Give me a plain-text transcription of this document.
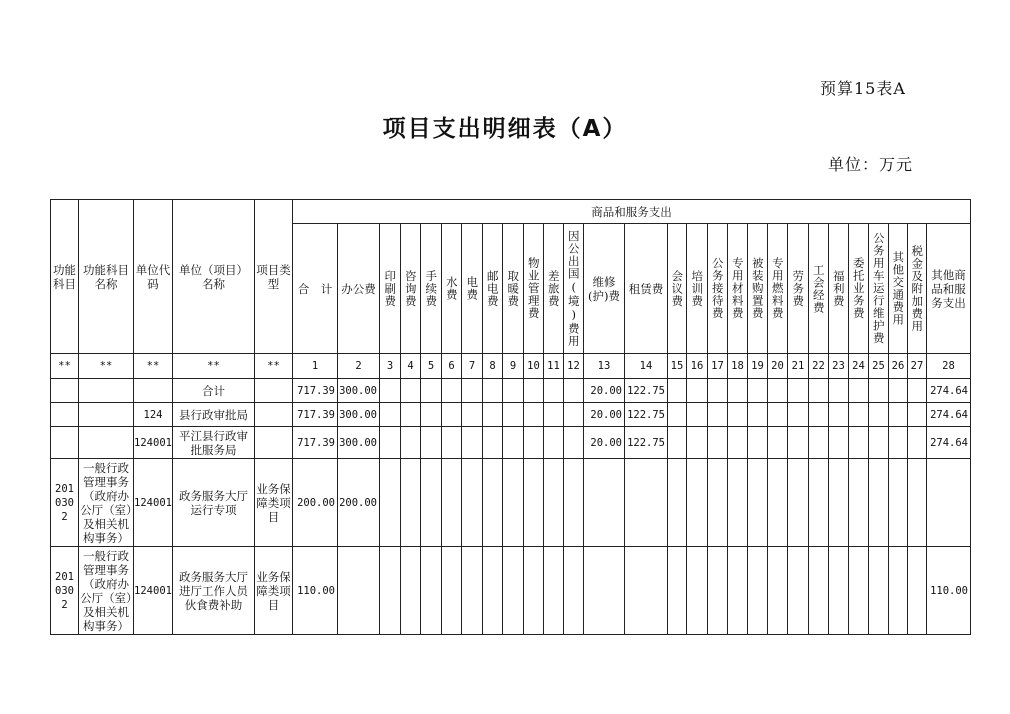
预算15表A
项目支出明细表（A）
单位：万元
功能科目	功能科目名称	单位代码	单位（项目）名称	项目类型	商品和服务支出																											
					合　计	办公费	印刷费	咨询费	手续费	水费	电费	邮电费	取暖费	物业管理费	差旅费	因公出国(境)费用	维修(护)费	租赁费	会议费	培训费	公务接待费	专用材料费	被装购置费	专用燃料费	劳务费	工会经费	福利费	委托业务费	公务用车运行维护费	其他交通费用	税金及附加费用	其他商品和服务支出
**	**	**	**	**	1	2	3	4	5	6	7	8	9	10	11	12	13	14	15	16	17	18	19	20	21	22	23	24	25	26	27	28
			合计		717.39	300.00											20.00	122.75														274.64
		124	县行政审批局		717.39	300.00											20.00	122.75														274.64
		124001	平江县行政审批服务局		717.39	300.00											20.00	122.75														274.64
2010302	一般行政管理事务（政府办公厅（室）及相关机构事务）	124001	政务服务大厅运行专项	业务保障类项目	200.00	200.00																										
2010302	一般行政管理事务（政府办公厅（室）及相关机构事务）	124001	政务服务大厅进厅工作人员伙食费补助	业务保障类项目	110.00																											110.00
